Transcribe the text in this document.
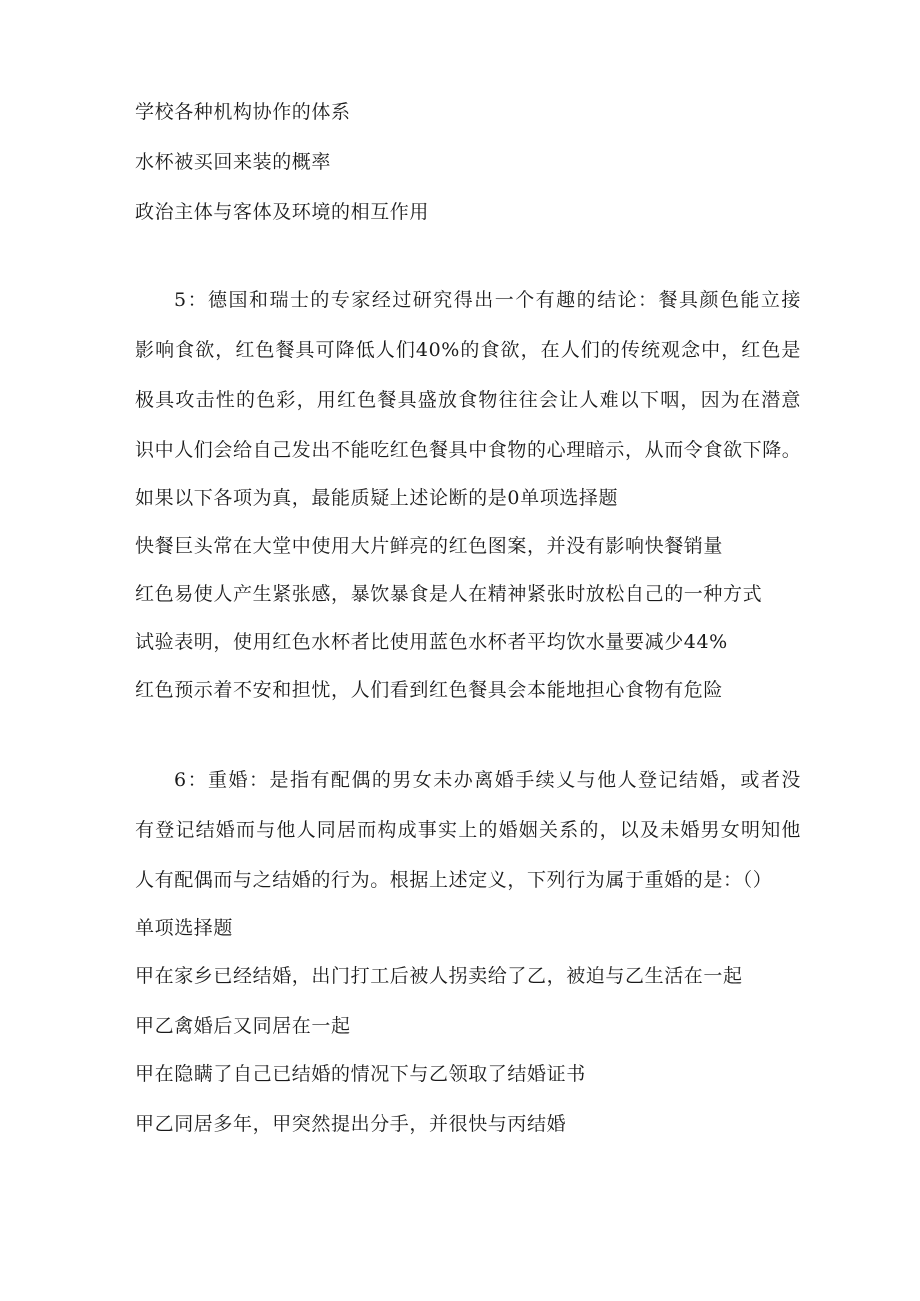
学校各种机构协作的体系
水杯被买回来装的概率
政治主体与客体及环境的相互作用
5：德国和瑞士的专家经过研究得出一个有趣的结论：餐具颜色能立接
影响食欲，红色餐具可降低人们40%的食欲，在人们的传统观念中，红色是
极具攻击性的色彩，用红色餐具盛放食物往往会让人难以下咽，因为在潜意
识中人们会给自己发出不能吃红色餐具中食物的心理暗示，从而令食欲下降。
如果以下各项为真，最能质疑上述论断的是0单项选择题
快餐巨头常在大堂中使用大片鲜亮的红色图案，并没有影响快餐销量
红色易使人产生紧张感，暴饮暴食是人在精神紧张时放松自己的一种方式
试验表明，使用红色水杯者比使用蓝色水杯者平均饮水量要减少44%
红色预示着不安和担忧，人们看到红色餐具会本能地担心食物有危险
6：重婚：是指有配偶的男女未办离婚手续乂与他人登记结婚，或者没
有登记结婚而与他人同居而构成事实上的婚姻关系的，以及未婚男女明知他
人有配偶而与之结婚的行为。根据上述定义，下列行为属于重婚的是：（）
单项选择题
甲在家乡已经结婚，出门打工后被人拐卖给了乙，被迫与乙生活在一起
甲乙禽婚后又同居在一起
甲在隐瞒了自己已结婚的情况下与乙领取了结婚证书
甲乙同居多年，甲突然提出分手，并很快与丙结婚
